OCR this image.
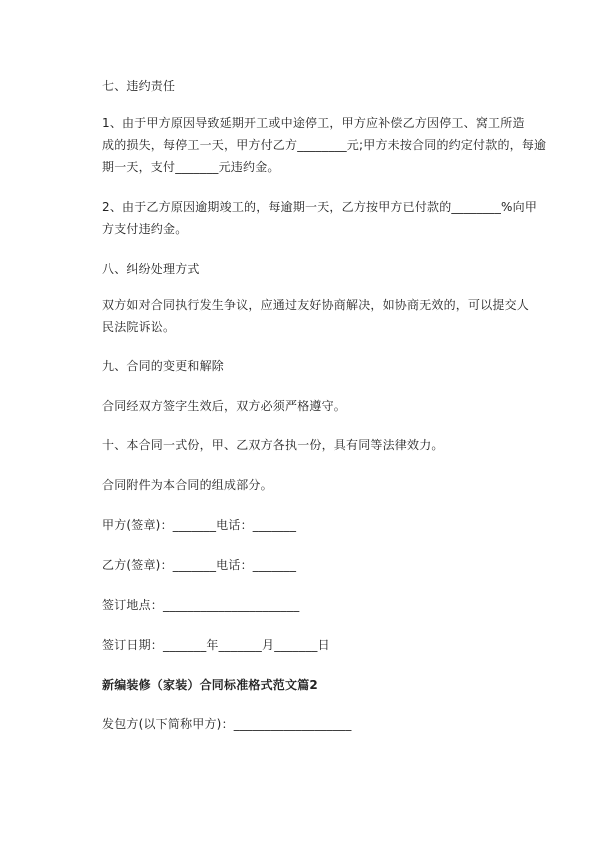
七、违约责任
1、由于甲方原因导致延期开工或中途停工，甲方应补偿乙方因停工、窝工所造
成的损失，每停工一天，甲方付乙方________元;甲方未按合同的约定付款的，每逾
期一天，支付_______元违约金。
2、由于乙方原因逾期竣工的，每逾期一天，乙方按甲方已付款的________%向甲
方支付违约金。
八、纠纷处理方式
双方如对合同执行发生争议，应通过友好协商解决，如协商无效的，可以提交人
民法院诉讼。
九、合同的变更和解除
合同经双方签字生效后，双方必须严格遵守。
十、本合同一式份，甲、乙双方各执一份，具有同等法律效力。
合同附件为本合同的组成部分。
甲方(签章)：_______电话：_______
乙方(签章)：_______电话：_______
签订地点：______________________
签订日期：_______年_______月_______日
新编装修（家装）合同标准格式范文篇2
发包方(以下简称甲方)：___________________
